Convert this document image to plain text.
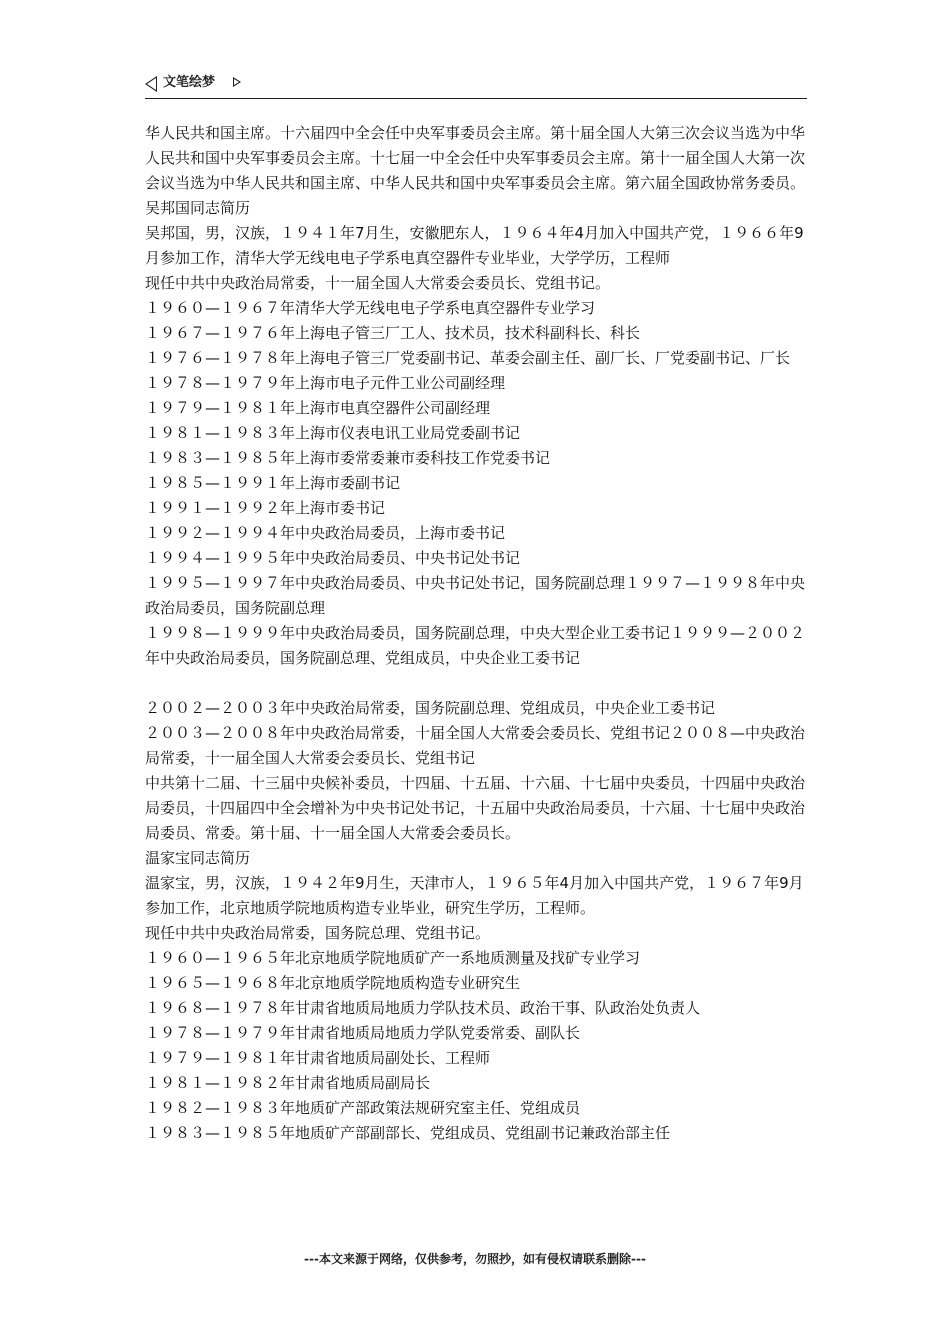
文笔绘梦

华人民共和国主席。十六届四中全会任中央军事委员会主席。第十届全国人大第三次会议当选为中华人民共和国中央军事委员会主席。十七届一中全会任中央军事委员会主席。第十一届全国人大第一次会议当选为中华人民共和国主席、中华人民共和国中央军事委员会主席。第六届全国政协常务委员。

吴邦国同志简历

吴邦国，男，汉族，１９４１年7月生，安徽肥东人，１９６４年4月加入中国共产党，１９６６年9月参加工作，清华大学无线电电子学系电真空器件专业毕业，大学学历，工程师

现任中共中央政治局常委，十一届全国人大常委会委员长、党组书记。

１９６０—１９６７年清华大学无线电电子学系电真空器件专业学习

１９６７—１９７６年上海电子管三厂工人、技术员，技术科副科长、科长

１９７６—１９７８年上海电子管三厂党委副书记、革委会副主任、副厂长、厂党委副书记、厂长

１９７８—１９７９年上海市电子元件工业公司副经理

１９７９—１９８１年上海市电真空器件公司副经理

１９８１—１９８３年上海市仪表电讯工业局党委副书记

１９８３—１９８５年上海市委常委兼市委科技工作党委书记

１９８５—１９９１年上海市委副书记

１９９１—１９９２年上海市委书记

１９９２—１９９４年中央政治局委员，上海市委书记

１９９４—１９９５年中央政治局委员、中央书记处书记

１９９５—１９９７年中央政治局委员、中央书记处书记，国务院副总理１９９７—１９９８年中央政治局委员，国务院副总理

１９９８—１９９９年中央政治局委员，国务院副总理，中央大型企业工委书记１９９９—２００２年中央政治局委员，国务院副总理、党组成员，中央企业工委书记

２００２—２００３年中央政治局常委，国务院副总理、党组成员，中央企业工委书记

２００３—２００８年中央政治局常委，十届全国人大常委会委员长、党组书记２００８—中央政治局常委，十一届全国人大常委会委员长、党组书记

中共第十二届、十三届中央候补委员，十四届、十五届、十六届、十七届中央委员，十四届中央政治局委员，十四届四中全会增补为中央书记处书记，十五届中央政治局委员，十六届、十七届中央政治局委员、常委。第十届、十一届全国人大常委会委员长。

温家宝同志简历

温家宝，男，汉族，１９４２年9月生，天津市人，１９６５年4月加入中国共产党，１９６７年9月参加工作，北京地质学院地质构造专业毕业，研究生学历，工程师。

现任中共中央政治局常委，国务院总理、党组书记。

１９６０—１９６５年北京地质学院地质矿产一系地质测量及找矿专业学习

１９６５—１９６８年北京地质学院地质构造专业研究生

１９６８—１９７８年甘肃省地质局地质力学队技术员、政治干事、队政治处负责人

１９７８—１９７９年甘肃省地质局地质力学队党委常委、副队长

１９７９—１９８１年甘肃省地质局副处长、工程师

１９８１—１９８２年甘肃省地质局副局长

１９８２—１９８３年地质矿产部政策法规研究室主任、党组成员

１９８３—１９８５年地质矿产部副部长、党组成员、党组副书记兼政治部主任

---本文来源于网络，仅供参考，勿照抄，如有侵权请联系删除---
